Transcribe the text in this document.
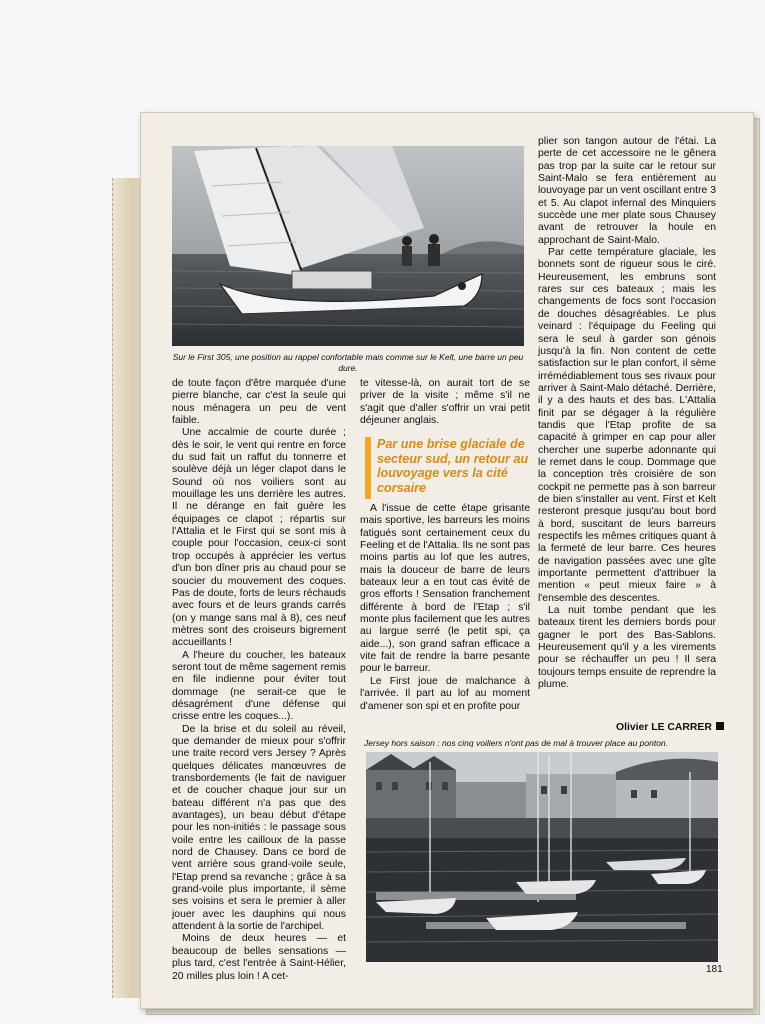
Sur le First 305, une position au rappel confortable mais comme sur le Kelt, une barre un peu dure.

de toute façon d'être marquée d'une pierre blanche, car c'est la seule qui nous ménagera un peu de vent faible.

Une accalmie de courte durée ; dès le soir, le vent qui rentre en force du sud fait un raffut du tonnerre et soulève déjà un léger clapot dans le Sound où nos voiliers sont au mouillage les uns derrière les autres. Il ne dérange en fait guère les équipages ce clapot ; répartis sur l'Attalia et le First qui se sont mis à couple pour l'occasion, ceux-ci sont trop occupés à apprécier les vertus d'un bon dîner pris au chaud pour se soucier du mouvement des coques. Pas de doute, forts de leurs réchauds avec fours et de leurs grands carrés (on y mange sans mal à 8), ces neuf mètres sont des croiseurs bigrement accueillants !

A l'heure du coucher, les bateaux seront tout de même sagement remis en file indienne pour éviter tout dommage (ne serait-ce que le désagrément d'une défense qui crisse entre les coques...).

De la brise et du soleil au réveil, que demander de mieux pour s'offrir une traite record vers Jersey ? Après quelques délicates manœuvres de transbordements (le fait de naviguer et de coucher chaque jour sur un bateau différent n'a pas que des avantages), un beau début d'étape pour les non-initiés : le passage sous voile entre les cailloux de la passe nord de Chausey. Dans ce bord de vent arrière sous grand-voile seule, l'Etap prend sa revanche ; grâce à sa grand-voile plus importante, il sème ses voisins et sera le premier à aller jouer avec les dauphins qui nous attendent à la sortie de l'archipel.

Moins de deux heures — et beaucoup de belles sensations — plus tard, c'est l'entrée à Saint-Hélier, 20 milles plus loin ! A cet-

te vitesse-là, on aurait tort de se priver de la visite ; même s'il ne s'agit que d'aller s'offrir un vrai petit déjeuner anglais.

Par une brise glaciale de secteur sud, un retour au louvoyage vers la cité corsaire

A l'issue de cette étape grisante mais sportive, les barreurs les moins fatigués sont certainement ceux du Feeling et de l'Attalia. Ils ne sont pas moins partis au lof que les autres, mais la douceur de barre de leurs bateaux leur a en tout cas évité de gros efforts ! Sensation franchement différente à bord de l'Etap ; s'il monte plus facilement que les autres au largue serré (le petit spi, ça aide...), son grand safran efficace a vite fait de rendre la barre pesante pour le barreur.

Le First joue de malchance à l'arrivée. Il part au lof au moment d'amener son spi et en profite pour

plier son tangon autour de l'étai. La perte de cet accessoire ne le gênera pas trop par la suite car le retour sur Saint-Malo se fera entièrement au louvoyage par un vent oscillant entre 3 et 5. Au clapot infernal des Minquiers succède une mer plate sous Chausey avant de retrouver la houle en approchant de Saint-Malo.

Par cette température glaciale, les bonnets sont de rigueur sous le ciré. Heureusement, les embruns sont rares sur ces bateaux ; mais les changements de focs sont l'occasion de douches désagréables. Le plus veinard : l'équipage du Feeling qui sera le seul à garder son génois jusqu'à la fin. Non content de cette satisfaction sur le plan confort, il sème irrémédiablement tous ses rivaux pour arriver à Saint-Malo détaché. Derrière, il y a des hauts et des bas. L'Attalia finit par se dégager à la régulière tandis que l'Etap profite de sa capacité à grimper en cap pour aller chercher une superbe adonnante qui le remet dans le coup. Dommage que la conception très croisière de son cockpit ne permette pas à son barreur de bien s'installer au vent. First et Kelt resteront presque jusqu'au bout bord à bord, suscitant de leurs barreurs respectifs les mêmes critiques quant à la fermeté de leur barre. Ces heures de navigation passées avec une gîte importante permettent d'attribuer la mention « peut mieux faire » à l'ensemble des descentes.

La nuit tombe pendant que les bateaux tirent les derniers bords pour gagner le port des Bas-Sablons. Heureusement qu'il y a les virements pour se réchauffer un peu ! Il sera toujours temps ensuite de reprendre la plume.

Olivier LE CARRER
Jersey hors saison : nos cinq voiliers n'ont pas de mal à trouver place au ponton.
181
